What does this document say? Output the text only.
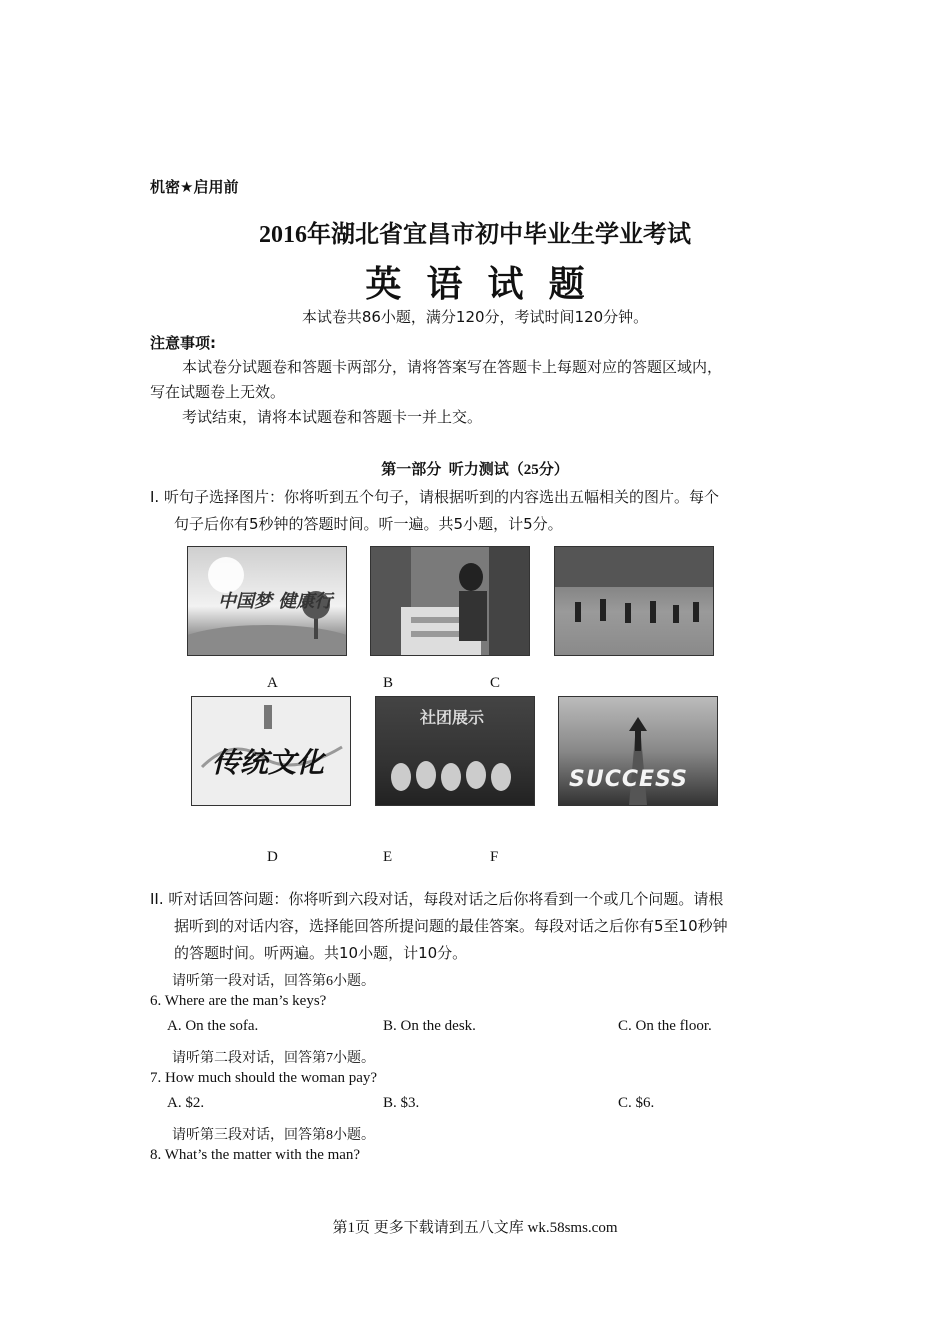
机密★启用前
2016年湖北省宜昌市初中毕业生学业考试
英  语  试  题
本试卷共86小题，满分120分，考试时间120分钟。
注意事项:
本试卷分试题卷和答题卡两部分，请将答案写在答题卡上每题对应的答题区域内，
写在试题卷上无效。
考试结束，请将本试题卷和答题卡一并上交。
第一部分  听力测试（25分）
Ⅰ. 听句子选择图片：你将听到五个句子，请根据听到的内容选出五幅相关的图片。每个
句子后你有5秒钟的答题时间。听一遍。共5小题，计5分。
中国梦 健康行
A	B	C
传统文化
社团展示
SUCCESS
D	E	F
II. 听对话回答问题：你将听到六段对话，每段对话之后你将看到一个或几个问题。请根
据听到的对话内容，选择能回答所提问题的最佳答案。每段对话之后你有5至10秒钟
的答题时间。听两遍。共10小题，计10分。
请听第一段对话，回答第6小题。
6. Where are the man’s keys?
A. On the sofa.	B. On the desk.	C. On the floor.
请听第二段对话，回答第7小题。
7. How much should the woman pay?
A. $2.	B. $3.	C. $6.
请听第三段对话，回答第8小题。
8. What’s the matter with the man?
第1页 更多下载请到五八文库 wk.58sms.com
